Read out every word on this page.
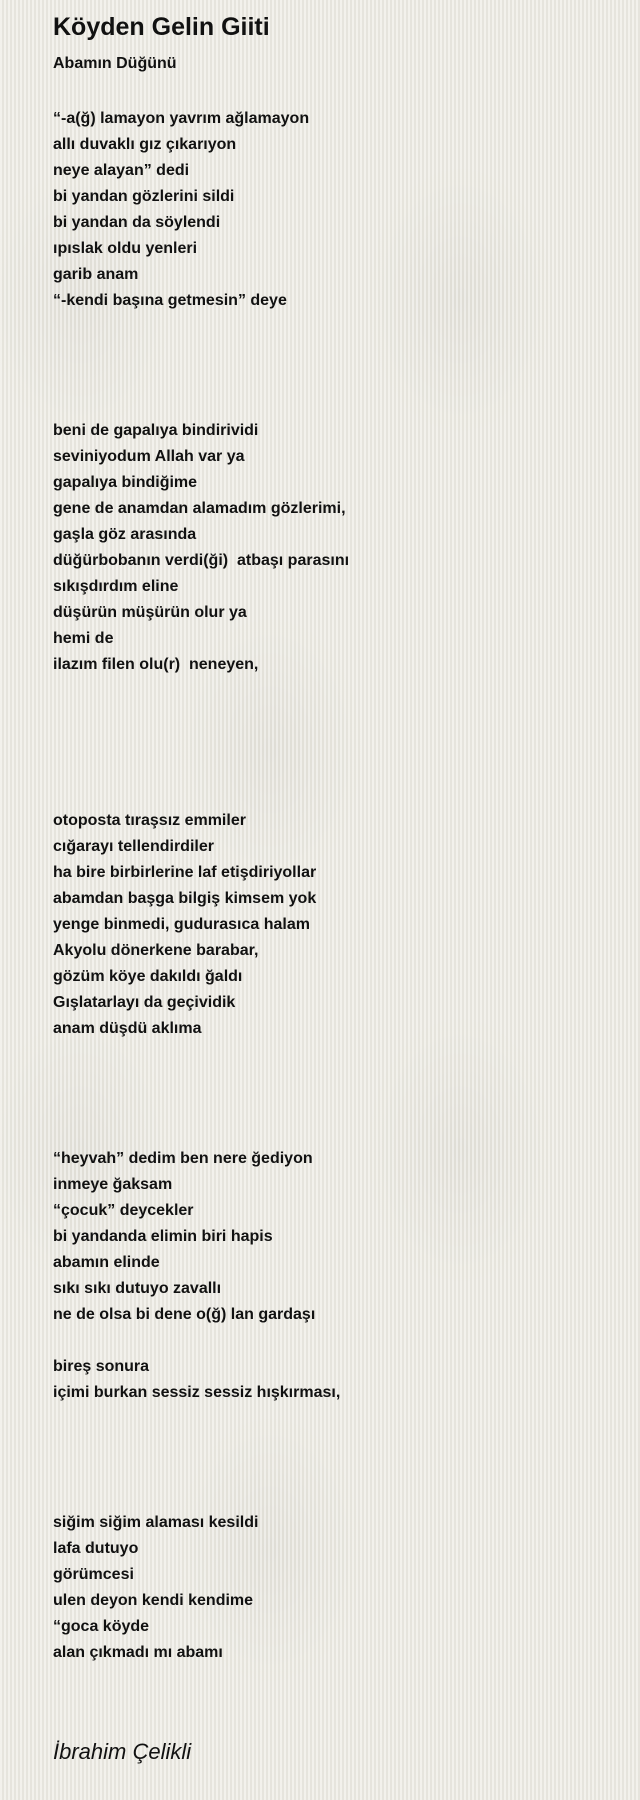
Köyden Gelin Giiti
Abamın Düğünü
“-a(ğ) lamayon yavrım ağlamayon
allı duvaklı gız çıkarıyon
neye alayan” dedi
bi yandan gözlerini sildi
bi yandan da söylendi
ıpıslak oldu yenleri
garib anam
“-kendi başına getmesin” deye
beni de gapalıya bindirividi
seviniyodum Allah var ya
gapalıya bindiğime
gene de anamdan alamadım gözlerimi,
gaşla göz arasında
düğürbobanın verdi(ği)  atbaşı parasını
sıkışdırdım eline
düşürün müşürün olur ya
hemi de
ilazım filen olu(r)  neneyen,
otoposta tıraşsız emmiler
cığarayı tellendirdiler
ha bire birbirlerine laf etişdiriyollar
abamdan başga bilgiş kimsem yok
yenge binmedi, gudurasıca halam
Akyolu dönerkene barabar,
gözüm köye dakıldı ğaldı
Gışlatarlayı da geçividik
anam düşdü aklıma
“heyvah” dedim ben nere ğediyon
inmeye ğaksam
“çocuk” deycekler
bi yandanda elimin biri hapis
abamın elinde
sıkı sıkı dutuyo zavallı
ne de olsa bi dene o(ğ) lan gardaşı
bireş sonura
içimi burkan sessiz sessiz hışkırması,
siğim siğim alaması kesildi
lafa dutuyo
görümcesi
ulen deyon kendi kendime
“goca köyde
alan çıkmadı mı abamı
İbrahim Çelikli
